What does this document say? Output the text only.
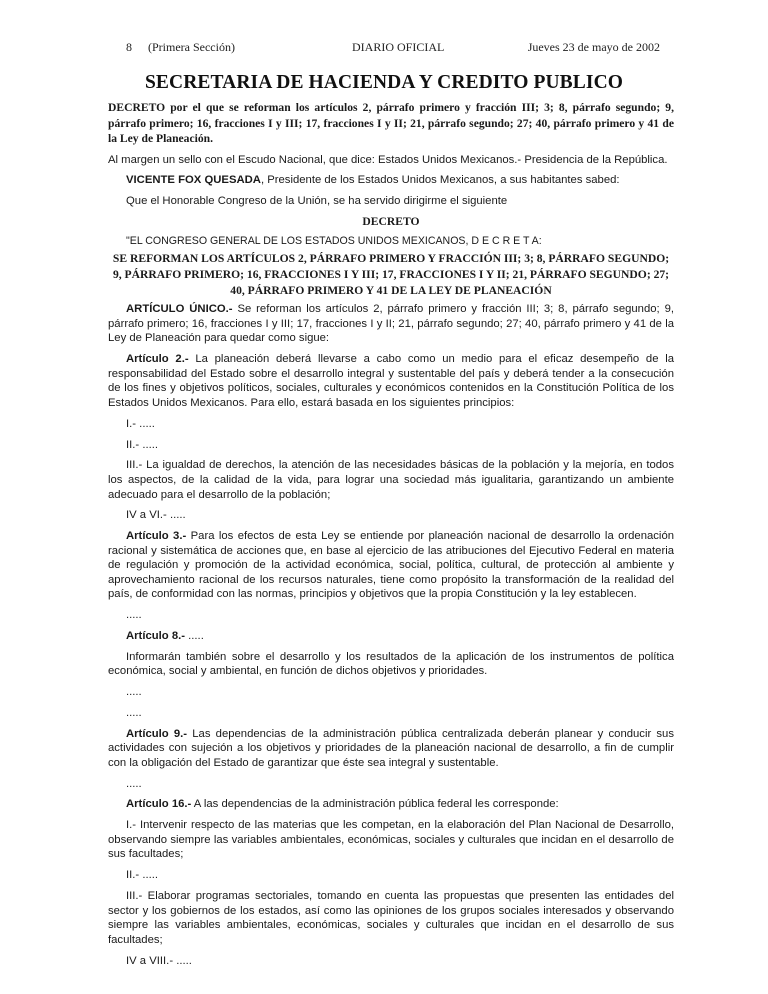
8 (Primera Sección)	DIARIO OFICIAL	Jueves 23 de mayo de 2002
SECRETARIA DE HACIENDA Y CREDITO PUBLICO

DECRETO por el que se reforman los artículos 2, párrafo primero y fracción III; 3; 8, párrafo segundo; 9, párrafo primero; 16, fracciones I y III; 17, fracciones I y II; 21, párrafo segundo; 27; 40, párrafo primero y 41 de la Ley de Planeación.

Al margen un sello con el Escudo Nacional, que dice: Estados Unidos Mexicanos.- Presidencia de la República.

VICENTE FOX QUESADA, Presidente de los Estados Unidos Mexicanos, a sus habitantes sabed:

Que el Honorable Congreso de la Unión, se ha servido dirigirme el siguiente

DECRETO

"EL CONGRESO GENERAL DE LOS ESTADOS UNIDOS MEXICANOS, D E C R E T A:

SE REFORMAN LOS ARTÍCULOS 2, PÁRRAFO PRIMERO Y FRACCIÓN III; 3; 8, PÁRRAFO SEGUNDO; 9, PÁRRAFO PRIMERO; 16, FRACCIONES I Y III; 17, FRACCIONES I Y II; 21, PÁRRAFO SEGUNDO; 27; 40, PÁRRAFO PRIMERO Y 41 DE LA LEY DE PLANEACIÓN

ARTÍCULO ÚNICO.- Se reforman los artículos 2, párrafo primero y fracción III; 3; 8, párrafo segundo; 9, párrafo primero; 16, fracciones I y III; 17, fracciones I y II; 21, párrafo segundo; 27; 40, párrafo primero y 41 de la Ley de Planeación para quedar como sigue:

Artículo 2.- La planeación deberá llevarse a cabo como un medio para el eficaz desempeño de la responsabilidad del Estado sobre el desarrollo integral y sustentable del país y deberá tender a la consecución de los fines y objetivos políticos, sociales, culturales y económicos contenidos en la Constitución Política de los Estados Unidos Mexicanos. Para ello, estará basada en los siguientes principios:

I.- .....

II.- .....

III.- La igualdad de derechos, la atención de las necesidades básicas de la población y la mejoría, en todos los aspectos, de la calidad de la vida, para lograr una sociedad más igualitaria, garantizando un ambiente adecuado para el desarrollo de la población;

IV a VI.- .....

Artículo 3.- Para los efectos de esta Ley se entiende por planeación nacional de desarrollo la ordenación racional y sistemática de acciones que, en base al ejercicio de las atribuciones del Ejecutivo Federal en materia de regulación y promoción de la actividad económica, social, política, cultural, de protección al ambiente y aprovechamiento racional de los recursos naturales, tiene como propósito la transformación de la realidad del país, de conformidad con las normas, principios y objetivos que la propia Constitución y la ley establecen.

.....

Artículo 8.- .....

Informarán también sobre el desarrollo y los resultados de la aplicación de los instrumentos de política económica, social y ambiental, en función de dichos objetivos y prioridades.

.....

.....

Artículo 9.- Las dependencias de la administración pública centralizada deberán planear y conducir sus actividades con sujeción a los objetivos y prioridades de la planeación nacional de desarrollo, a fin de cumplir con la obligación del Estado de garantizar que éste sea integral y sustentable.

.....

Artículo 16.- A las dependencias de la administración pública federal les corresponde:

I.- Intervenir respecto de las materias que les competan, en la elaboración del Plan Nacional de Desarrollo, observando siempre las variables ambientales, económicas, sociales y culturales que incidan en el desarrollo de sus facultades;

II.- .....

III.- Elaborar programas sectoriales, tomando en cuenta las propuestas que presenten las entidades del sector y los gobiernos de los estados, así como las opiniones de los grupos sociales interesados y observando siempre las variables ambientales, económicas, sociales y culturales que incidan en el desarrollo de sus facultades;

IV a VIII.- .....
